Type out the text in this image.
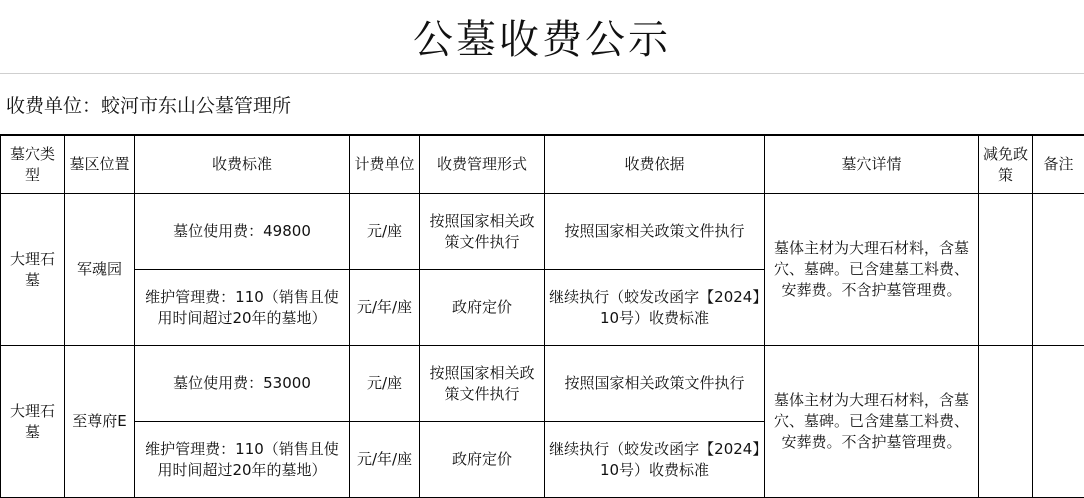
公墓收费公示
收费单位：蛟河市东山公墓管理所
墓穴类型	墓区位置	收费标准	计费单位	收费管理形式	收费依据	墓穴详情	减免政策	备注
大理石墓	军魂园	墓位使用费：49800	元/座	按照国家相关政策文件执行	按照国家相关政策文件执行	墓体主材为大理石材料，含墓穴、墓碑。已含建墓工料费、安葬费。不含护墓管理费。		
		维护管理费：110（销售且使用时间超过20年的墓地）	元/年/座	政府定价	继续执行（蛟发改函字【2024】10号）收费标准			
大理石墓	至尊府E	墓位使用费：53000	元/座	按照国家相关政策文件执行	按照国家相关政策文件执行	墓体主材为大理石材料，含墓穴、墓碑。已含建墓工料费、安葬费。不含护墓管理费。		
		维护管理费：110（销售且使用时间超过20年的墓地）	元/年/座	政府定价	继续执行（蛟发改函字【2024】10号）收费标准			
